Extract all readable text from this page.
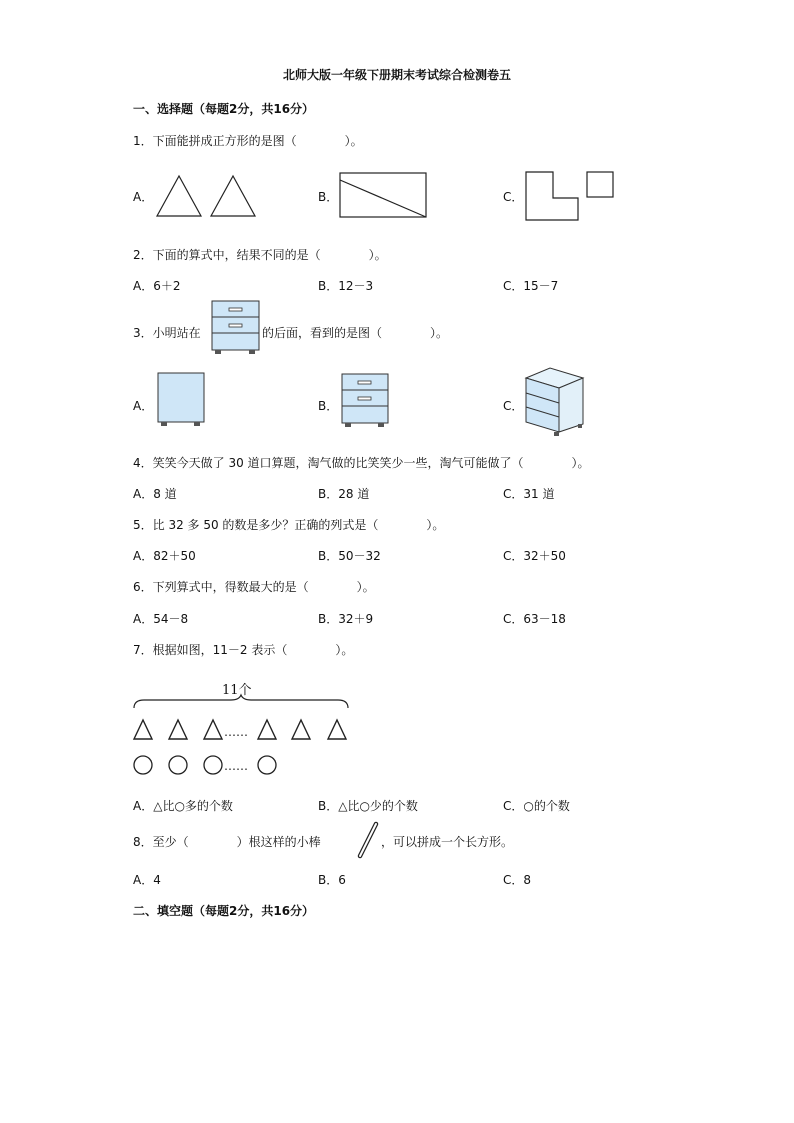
北师大版一年级下册期末考试综合检测卷五
一、选择题（每题2分，共16分）
1．下面能拼成正方形的是图（　　　　）。
A．	B．	C．
2．下面的算式中，结果不同的是（　　　　）。
A．6＋2	B．12－3	C．15－7
3．小明站在	的后面，看到的是图（　　　　）。
A．	B．	C．
4．笑笑今天做了 30 道口算题，淘气做的比笑笑少一些，淘气可能做了（　　　　）。
A．8 道	B．28 道	C．31 道
5．比 32 多 50 的数是多少？正确的列式是（　　　　）。
A．82＋50	B．50－32	C．32＋50
6．下列算式中，得数最大的是（　　　　）。
A．54－8	B．32＋9	C．63－18
7．根据如图，11－2 表示（　　　　）。
11个
……
……
A．△比○多的个数	B．△比○少的个数	C．○的个数
8．至少（　　　　）根这样的小棒	，可以拼成一个长方形。
A．4	B．6	C．8
二、填空题（每题2分，共16分）
